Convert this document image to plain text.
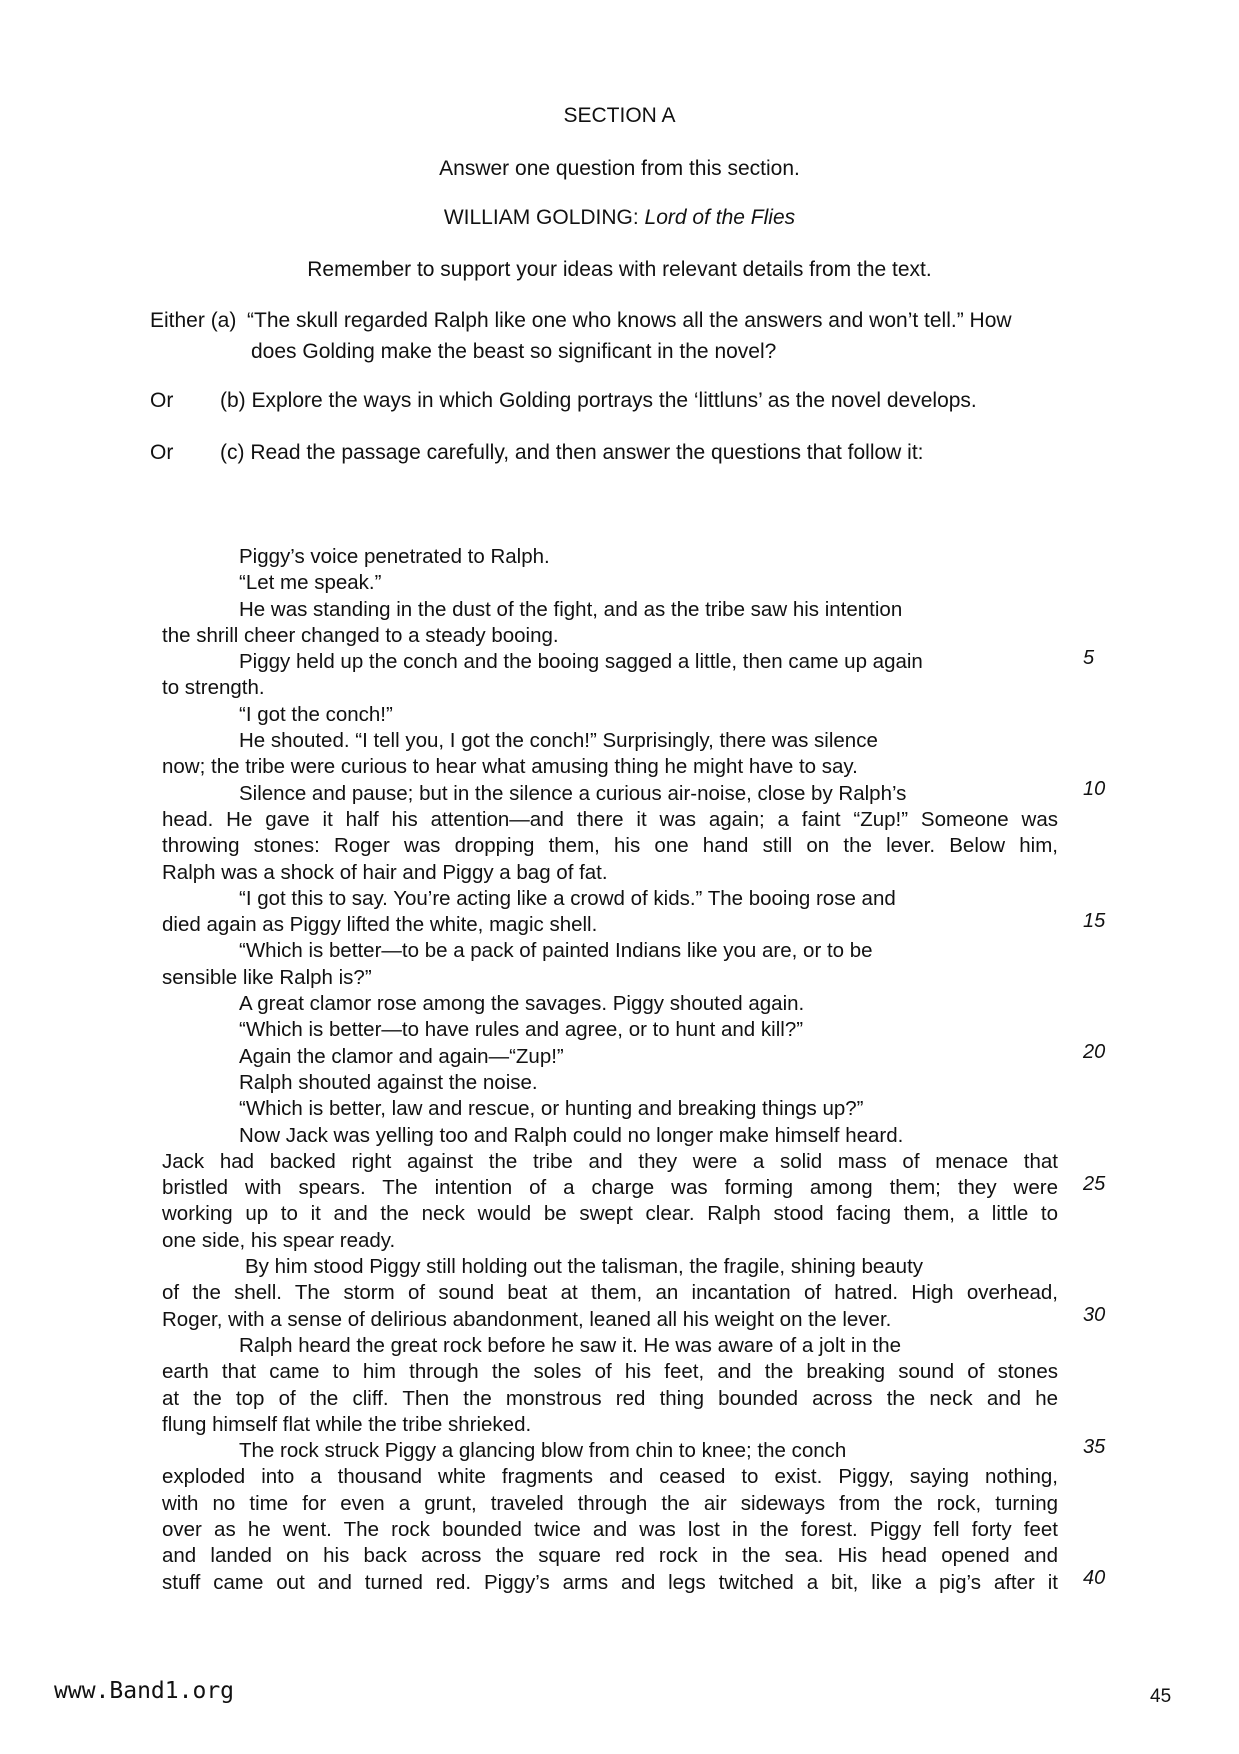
SECTION A
Answer one question from this section.
WILLIAM GOLDING: Lord of the Flies
Remember to support your ideas with relevant details from the text.
Either (a) “The skull regarded Ralph like one who knows all the answers and won’t tell.” How
does Golding make the beast so significant in the novel?
Or	(b) Explore the ways in which Golding portrays the ‘littluns’ as the novel develops.
Or	(c) Read the passage carefully, and then answer the questions that follow it:
Piggy’s voice penetrated to Ralph.
“Let me speak.”
He was standing in the dust of the fight, and as the tribe saw his intention
the shrill cheer changed to a steady booing.
Piggy held up the conch and the booing sagged a little, then came up again
to strength.
“I got the conch!”
He shouted. “I tell you, I got the conch!” Surprisingly, there was silence
now; the tribe were curious to hear what amusing thing he might have to say.
Silence and pause; but in the silence a curious air-noise, close by Ralph’s
head. He gave it half his attention—and there it was again; a faint “Zup!” Someone was
throwing stones: Roger was dropping them, his one hand still on the lever. Below him,
Ralph was a shock of hair and Piggy a bag of fat.
“I got this to say. You’re acting like a crowd of kids.” The booing rose and
died again as Piggy lifted the white, magic shell.
“Which is better—to be a pack of painted Indians like you are, or to be
sensible like Ralph is?”
A great clamor rose among the savages. Piggy shouted again.
“Which is better—to have rules and agree, or to hunt and kill?”
Again the clamor and again—“Zup!”
Ralph shouted against the noise.
“Which is better, law and rescue, or hunting and breaking things up?”
Now Jack was yelling too and Ralph could no longer make himself heard.
Jack had backed right against the tribe and they were a solid mass of menace that
bristled with spears. The intention of a charge was forming among them; they were
working up to it and the neck would be swept clear. Ralph stood facing them, a little to
one side, his spear ready.
By him stood Piggy still holding out the talisman, the fragile, shining beauty
of the shell. The storm of sound beat at them, an incantation of hatred. High overhead,
Roger, with a sense of delirious abandonment, leaned all his weight on the lever.
Ralph heard the great rock before he saw it. He was aware of a jolt in the
earth that came to him through the soles of his feet, and the breaking sound of stones
at the top of the cliff. Then the monstrous red thing bounded across the neck and he
flung himself flat while the tribe shrieked.
The rock struck Piggy a glancing blow from chin to knee; the conch
exploded into a thousand white fragments and ceased to exist. Piggy, saying nothing,
with no time for even a grunt, traveled through the air sideways from the rock, turning
over as he went. The rock bounded twice and was lost in the forest. Piggy fell forty feet
and landed on his back across the square red rock in the sea. His head opened and
stuff came out and turned red. Piggy’s arms and legs twitched a bit, like a pig’s after it
5
10
15
20
25
30
35
40
www.Band1.org	45
